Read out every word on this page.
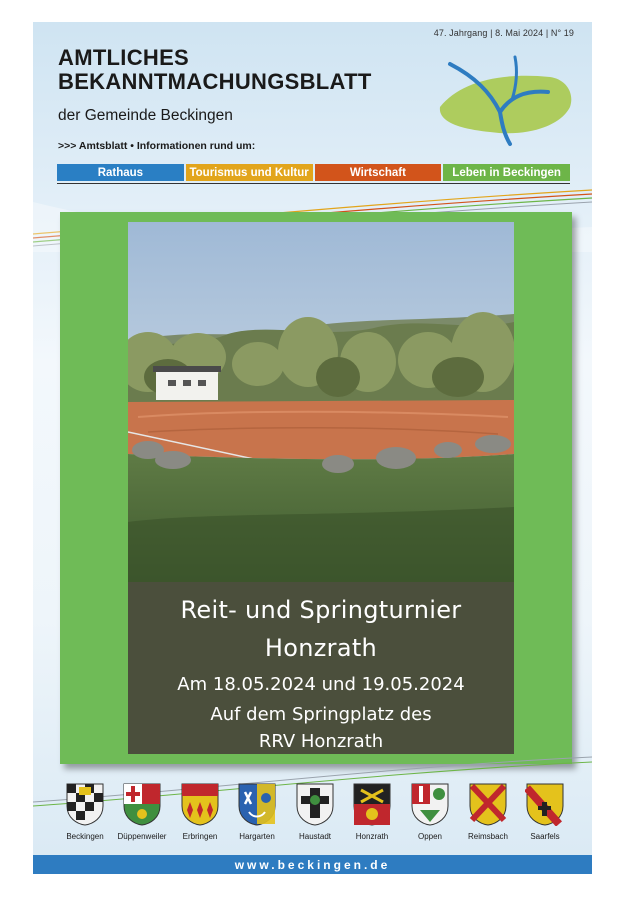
47. Jahrgang | 8. Mai 2024 | N° 19
AMTLICHES
BEKANNTMACHUNGSBLATT
der Gemeinde Beckingen
>>> Amtsblatt • Informationen rund um:
Rathaus	Tourismus und Kultur	Wirtschaft	Leben in Beckingen
Reit- und Springturnier
Honzrath
Am 18.05.2024 und 19.05.2024
Auf dem Springplatz des
RRV Honzrath
Beckingen	Düppenweiler	Erbringen	Hargarten	Haustadt	Honzrath	Oppen	Reimsbach	Saarfels
www.beckingen.de
